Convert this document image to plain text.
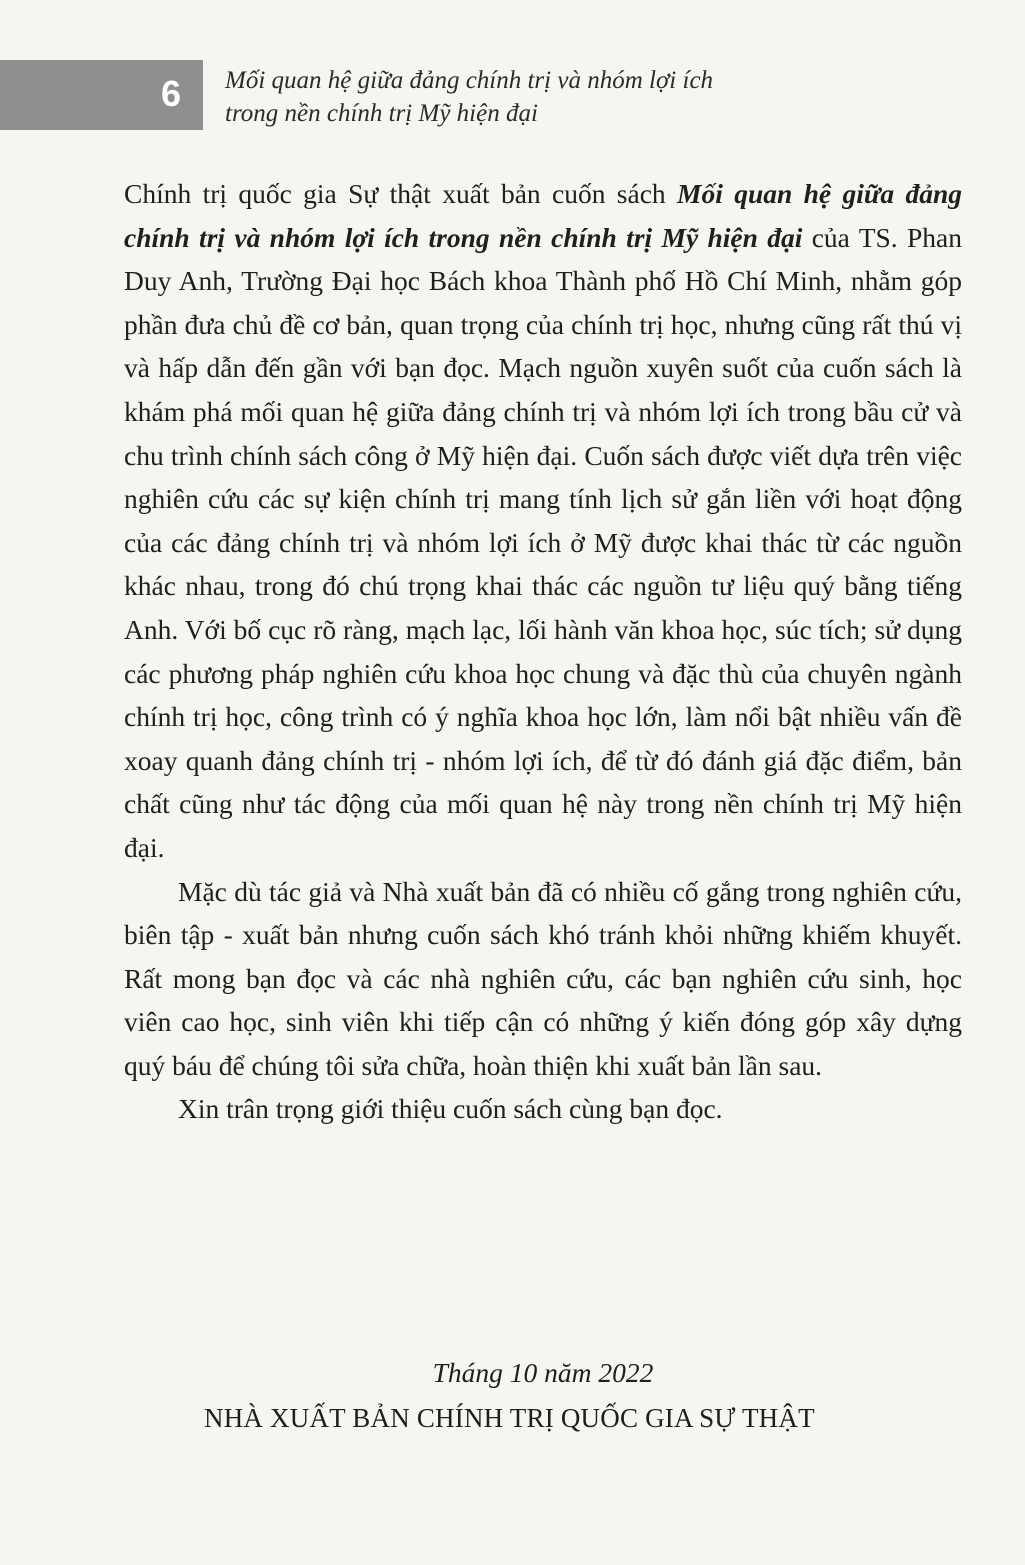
6 Mối quan hệ giữa đảng chính trị và nhóm lợi ích
trong nền chính trị Mỹ hiện đại

Chính trị quốc gia Sự thật xuất bản cuốn sách Mối quan hệ giữa đảng chính trị và nhóm lợi ích trong nền chính trị Mỹ hiện đại của TS. Phan Duy Anh, Trường Đại học Bách khoa Thành phố Hồ Chí Minh, nhằm góp phần đưa chủ đề cơ bản, quan trọng của chính trị học, nhưng cũng rất thú vị và hấp dẫn đến gần với bạn đọc. Mạch nguồn xuyên suốt của cuốn sách là khám phá mối quan hệ giữa đảng chính trị và nhóm lợi ích trong bầu cử và chu trình chính sách công ở Mỹ hiện đại. Cuốn sách được viết dựa trên việc nghiên cứu các sự kiện chính trị mang tính lịch sử gắn liền với hoạt động của các đảng chính trị và nhóm lợi ích ở Mỹ được khai thác từ các nguồn khác nhau, trong đó chú trọng khai thác các nguồn tư liệu quý bằng tiếng Anh. Với bố cục rõ ràng, mạch lạc, lối hành văn khoa học, súc tích; sử dụng các phương pháp nghiên cứu khoa học chung và đặc thù của chuyên ngành chính trị học, công trình có ý nghĩa khoa học lớn, làm nổi bật nhiều vấn đề xoay quanh đảng chính trị - nhóm lợi ích, để từ đó đánh giá đặc điểm, bản chất cũng như tác động của mối quan hệ này trong nền chính trị Mỹ hiện đại.

Mặc dù tác giả và Nhà xuất bản đã có nhiều cố gắng trong nghiên cứu, biên tập - xuất bản nhưng cuốn sách khó tránh khỏi những khiếm khuyết. Rất mong bạn đọc và các nhà nghiên cứu, các bạn nghiên cứu sinh, học viên cao học, sinh viên khi tiếp cận có những ý kiến đóng góp xây dựng quý báu để chúng tôi sửa chữa, hoàn thiện khi xuất bản lần sau.

Xin trân trọng giới thiệu cuốn sách cùng bạn đọc.

Tháng 10 năm 2022
NHÀ XUẤT BẢN CHÍNH TRỊ QUỐC GIA SỰ THẬT
